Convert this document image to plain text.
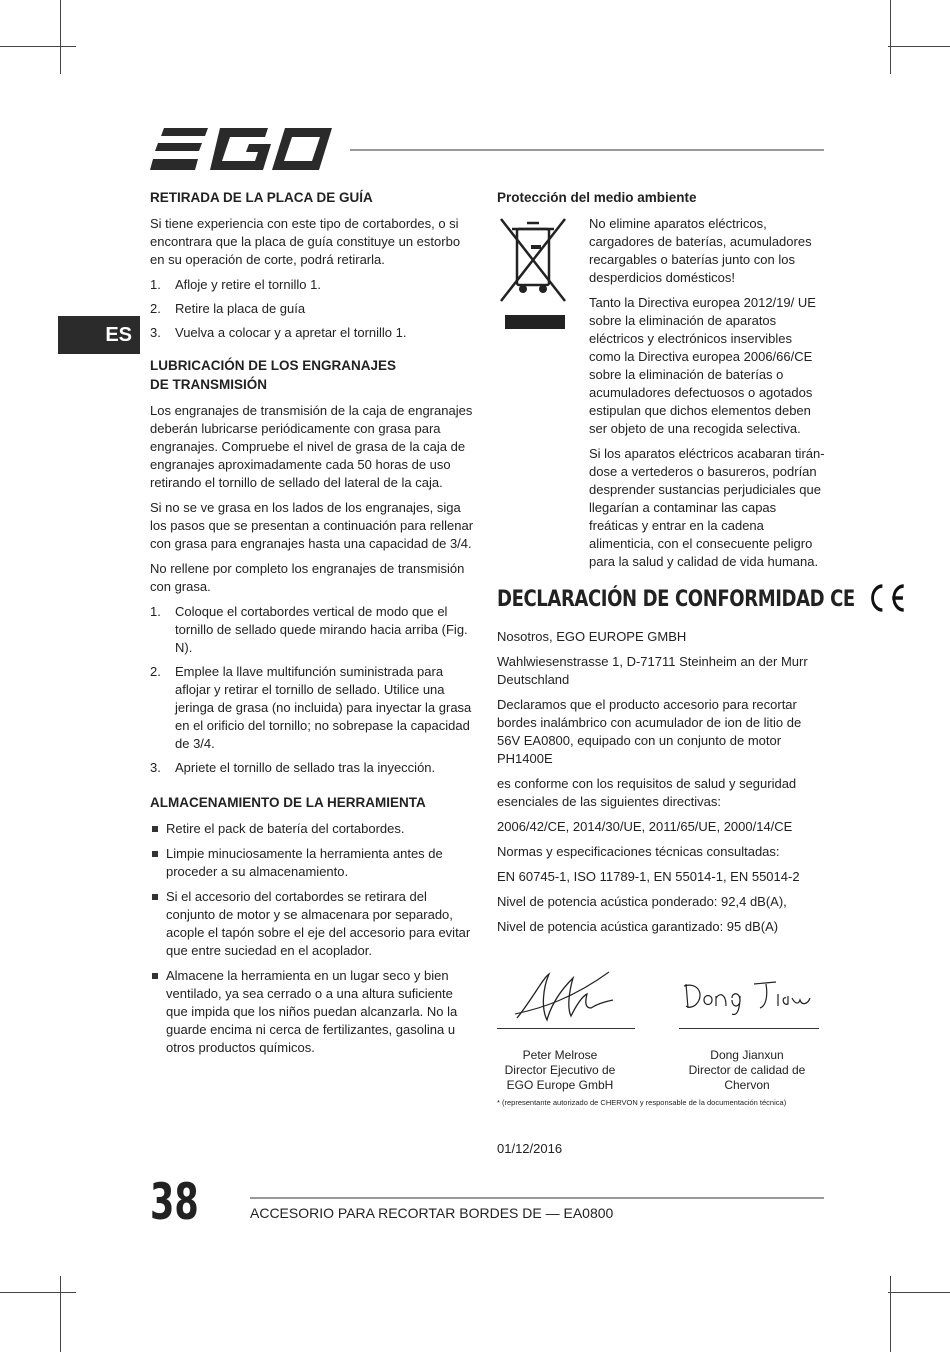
ES
RETIRADA DE LA PLACA DE GUÍA

Si tiene experiencia con este tipo de cortabordes, o si encontrara que la placa de guía constituye un estorbo en su operación de corte, podrá retirarla.

1. Afloje y retire el tornillo 1.
2. Retire la placa de guía
3. Vuelva a colocar y a apretar el tornillo 1.
LUBRICACIÓN DE LOS ENGRANAJES DE TRANSMISIÓN

Los engranajes de transmisión de la caja de engranajes deberán lubricarse periódicamente con grasa para engranajes. Compruebe el nivel de grasa de la caja de engranajes aproximadamente cada 50 horas de uso retirando el tornillo de sellado del lateral de la caja.

Si no se ve grasa en los lados de los engranajes, siga los pasos que se presentan a continuación para rellenar con grasa para engranajes hasta una capacidad de 3/4.

No rellene por completo los engranajes de transmisión con grasa.

1. Coloque el cortabordes vertical de modo que el tornillo de sellado quede mirando hacia arriba (Fig. N).
2. Emplee la llave multifunción suministrada para aflojar y retirar el tornillo de sellado. Utilice una jeringa de grasa (no incluida) para inyectar la grasa en el orificio del tornillo; no sobrepase la capacidad de 3/4.
3. Apriete el tornillo de sellado tras la inyección.
ALMACENAMIENTO DE LA HERRAMIENTA
Retire el pack de batería del cortabordes.
Limpie minuciosamente la herramienta antes de proceder a su almacenamiento.
Si el accesorio del cortabordes se retirara del conjunto de motor y se almacenara por separado, acople el tapón sobre el eje del accesorio para evitar que entre suciedad en el acoplador.
Almacene la herramienta en un lugar seco y bien ventilado, ya sea cerrado o a una altura suficiente que impida que los niños puedan alcanzarla. No la guarde encima ni cerca de fertilizantes, gasolina u otros productos químicos.
Protección del medio ambiente

No elimine aparatos eléctricos, cargadores de baterías, acumuladores recargables o baterías junto con los desperdicios domésticos!

Tanto la Directiva europea 2012/19/ UE sobre la eliminación de aparatos eléctricos y electrónicos inservibles como la Directiva europea 2006/66/CE sobre la eliminación de baterías o acumuladores defectuosos o agotados estipulan que dichos elementos deben ser objeto de una recogida selectiva.

Si los aparatos eléctricos acabaran tirándose a vertederos o basureros, podrían desprender sustancias perjudiciales que llegarían a contaminar las capas freáticas y entrar en la cadena alimenticia, con el consecuente peligro para la salud y calidad de vida humana.

DECLARACIÓN DE CONFORMIDAD CE

Nosotros, EGO EUROPE GMBH

Wahlwiesenstrasse 1, D-71711 Steinheim an der Murr Deutschland

Declaramos que el producto accesorio para recortar bordes inalámbrico con acumulador de ion de litio de 56V EA0800, equipado con un conjunto de motor PH1400E

es conforme con los requisitos de salud y seguridad esenciales de las siguientes directivas:

2006/42/CE, 2014/30/UE, 2011/65/UE, 2000/14/CE

Normas y especificaciones técnicas consultadas:

EN 60745-1, ISO 11789-1, EN 55014-1, EN 55014-2

Nivel de potencia acústica ponderado: 92,4 dB(A),

Nivel de potencia acústica garantizado: 95 dB(A)

Peter Melrose
Director Ejecutivo de
EGO Europe GmbH
Dong Jianxun
Director de calidad de
Chervon
* (representante autorizado de CHERVON y responsable de la documentación técnica)

01/12/2016

38	ACCESORIO PARA RECORTAR BORDES DE — EA0800
